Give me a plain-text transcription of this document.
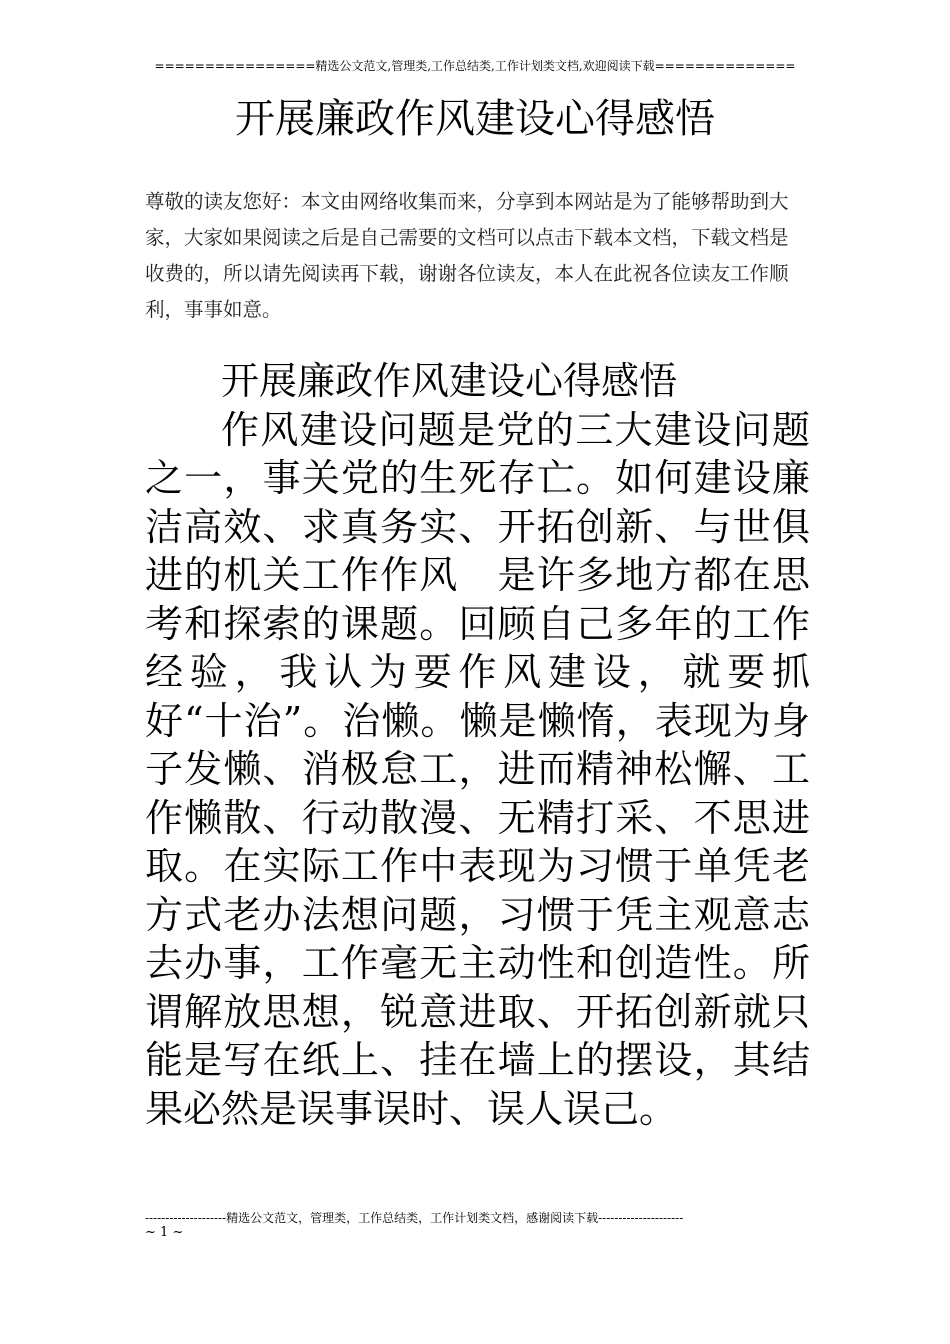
================精选公文范文,管理类,工作总结类,工作计划类文档,欢迎阅读下载==============
开展廉政作风建设心得感悟
尊敬的读友您好：本文由网络收集而来，分享到本网站是为了能够帮助到大家，大家如果阅读之后是自己需要的文档可以点击下载本文档，下载文档是收费的，所以请先阅读再下载，谢谢各位读友，本人在此祝各位读友工作顺利，事事如意。
开展廉政作风建设心得感悟
作风建设问题是党的三大建设问题之一，事关党的生死存亡。如何建设廉洁高效、求真务实、开拓创新、与世俱进的机关工作作风　是许多地方都在思考和探索的课题。回顾自己多年的工作经验，我认为要作风建设，就要抓好“十治”。治懒。懒是懒惰，表现为身子发懒、消极怠工，进而精神松懈、工作懒散、行动散漫、无精打采、不思进取。在实际工作中表现为习惯于单凭老方式老办法想问题，习惯于凭主观意志去办事，工作毫无主动性和创造性。所谓解放思想，锐意进取、开拓创新就只能是写在纸上、挂在墙上的摆设，其结果必然是误事误时、误人误己。
--------------------精选公文范文，管理类，工作总结类，工作计划类文档，感谢阅读下载---------------------
~ 1 ~
